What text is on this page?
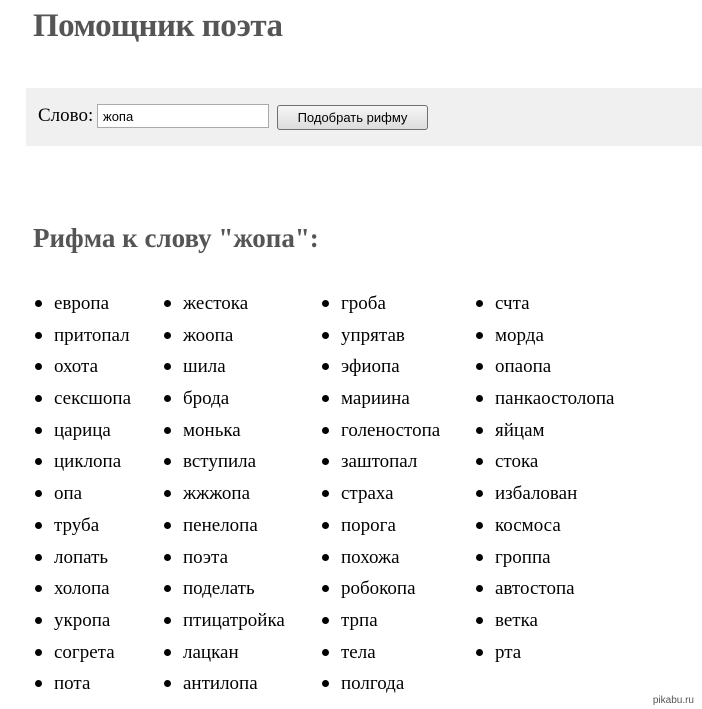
Помощник поэта
Слово:
жопа	Подобрать рифму
Рифма к слову "жопа":
европа
притопал
охота
сексшопа
царица
циклопа
опа
труба
лопать
холопа
укропа
согрета
пота
жестока
жоопа
шила
брода
монька
вступила
жжжопа
пенелопа
поэта
поделать
птицатройка
лацкан
антилопа
гроба
упрятав
эфиопа
мариина
голеностопа
заштопал
страха
порога
похожа
робокопа
трпа
тела
полгода
счта
морда
опаопа
панкаостолопа
яйцам
стока
избалован
космоса
гроппа
автостопа
ветка
рта
pikabu.ru
